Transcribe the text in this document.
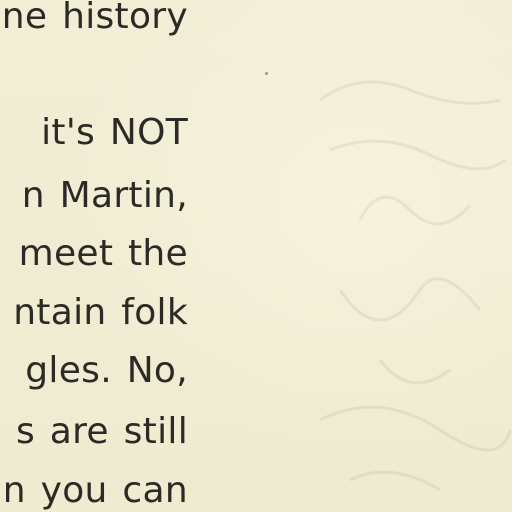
ne history
it's NOT
n Martin,
meet the
ntain folk
gles. No,
s are still
n you can
